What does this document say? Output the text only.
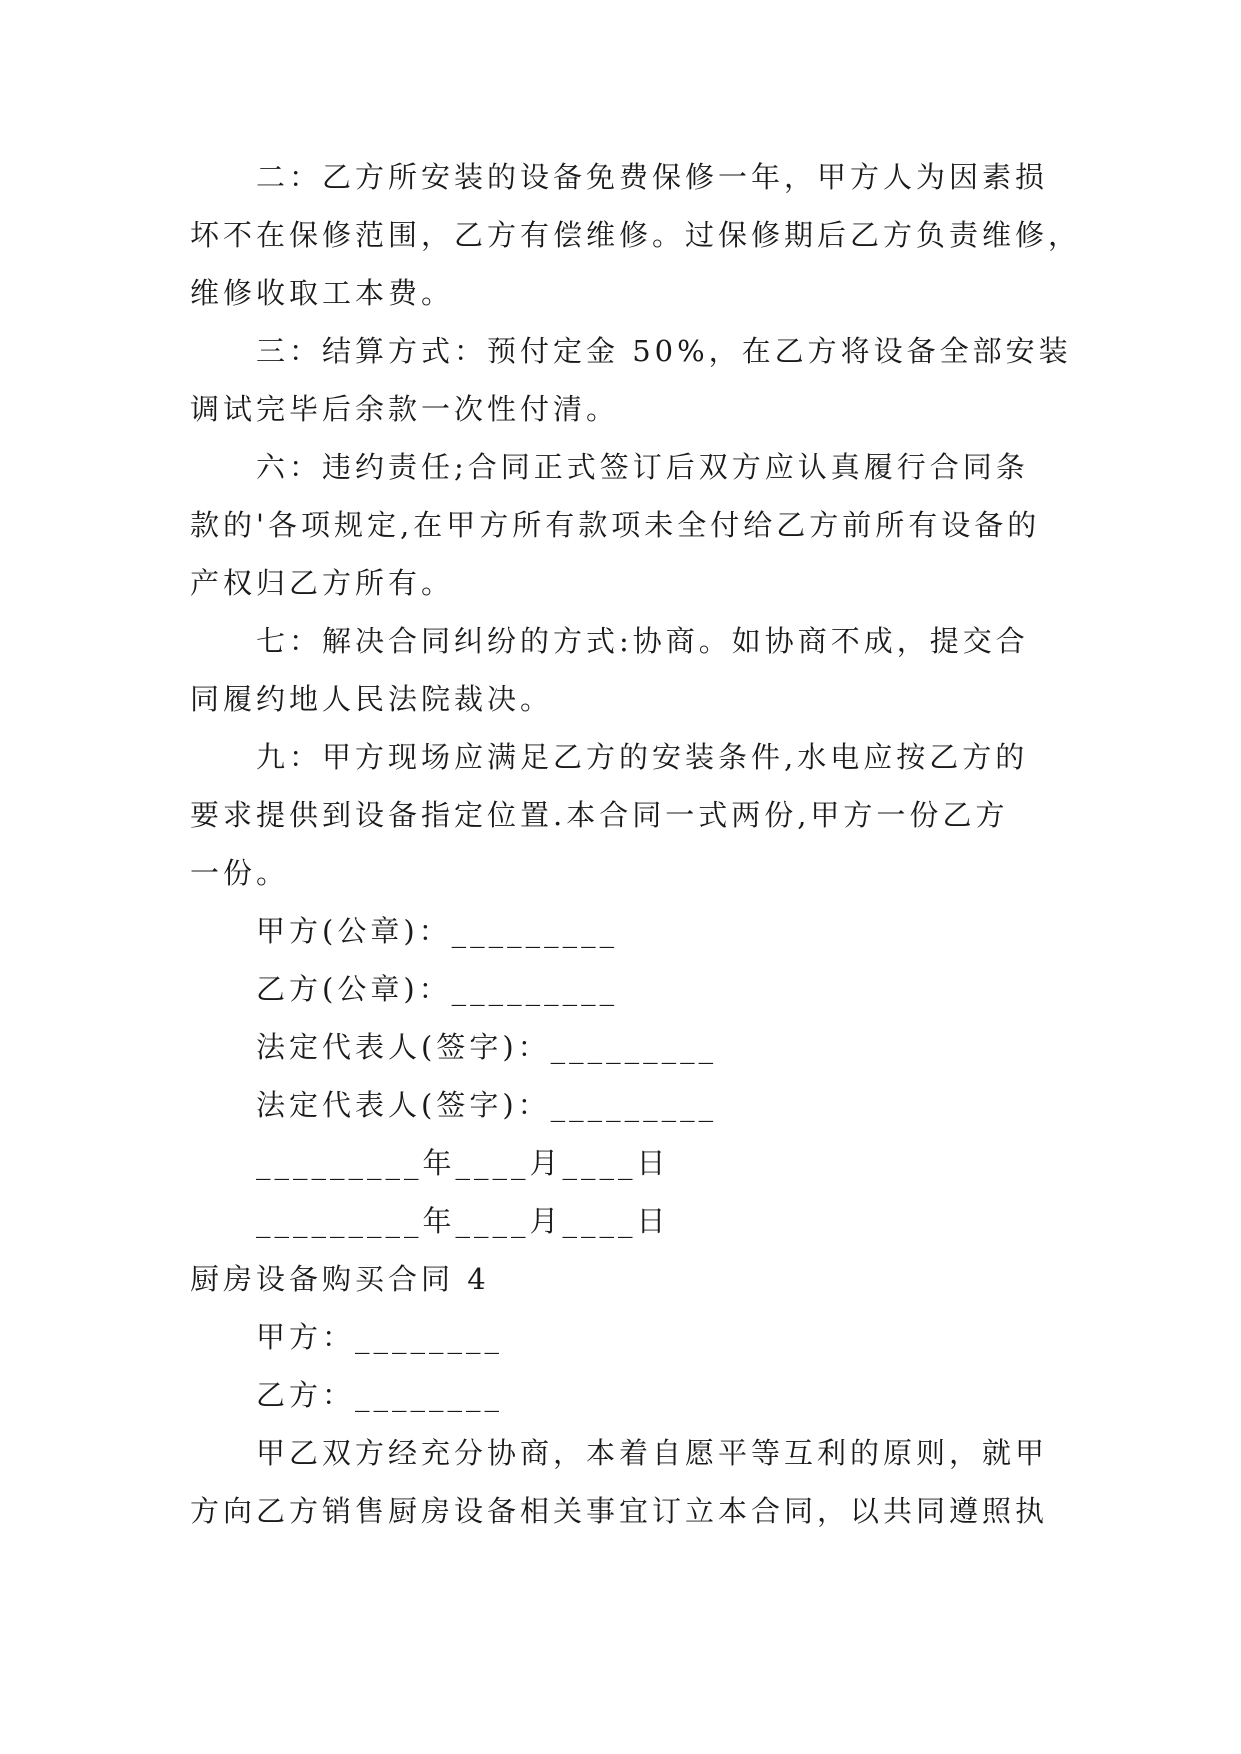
二：乙方所安装的设备免费保修一年，甲方人为因素损
坏不在保修范围，乙方有偿维修。过保修期后乙方负责维修，
维修收取工本费。
三：结算方式：预付定金 50%，在乙方将设备全部安装
调试完毕后余款一次性付清。
六：违约责任;合同正式签订后双方应认真履行合同条
款的'各项规定,在甲方所有款项未全付给乙方前所有设备的
产权归乙方所有。
七：解决合同纠纷的方式:协商。如协商不成，提交合
同履约地人民法院裁决。
九：甲方现场应满足乙方的安装条件,水电应按乙方的
要求提供到设备指定位置.本合同一式两份,甲方一份乙方
一份。
甲方(公章)：_________
乙方(公章)：_________
法定代表人(签字)：_________
法定代表人(签字)：_________
_________年____月____日
_________年____月____日
厨房设备购买合同 4
甲方：________
乙方：________
甲乙双方经充分协商，本着自愿平等互利的原则，就甲
方向乙方销售厨房设备相关事宜订立本合同，以共同遵照执
